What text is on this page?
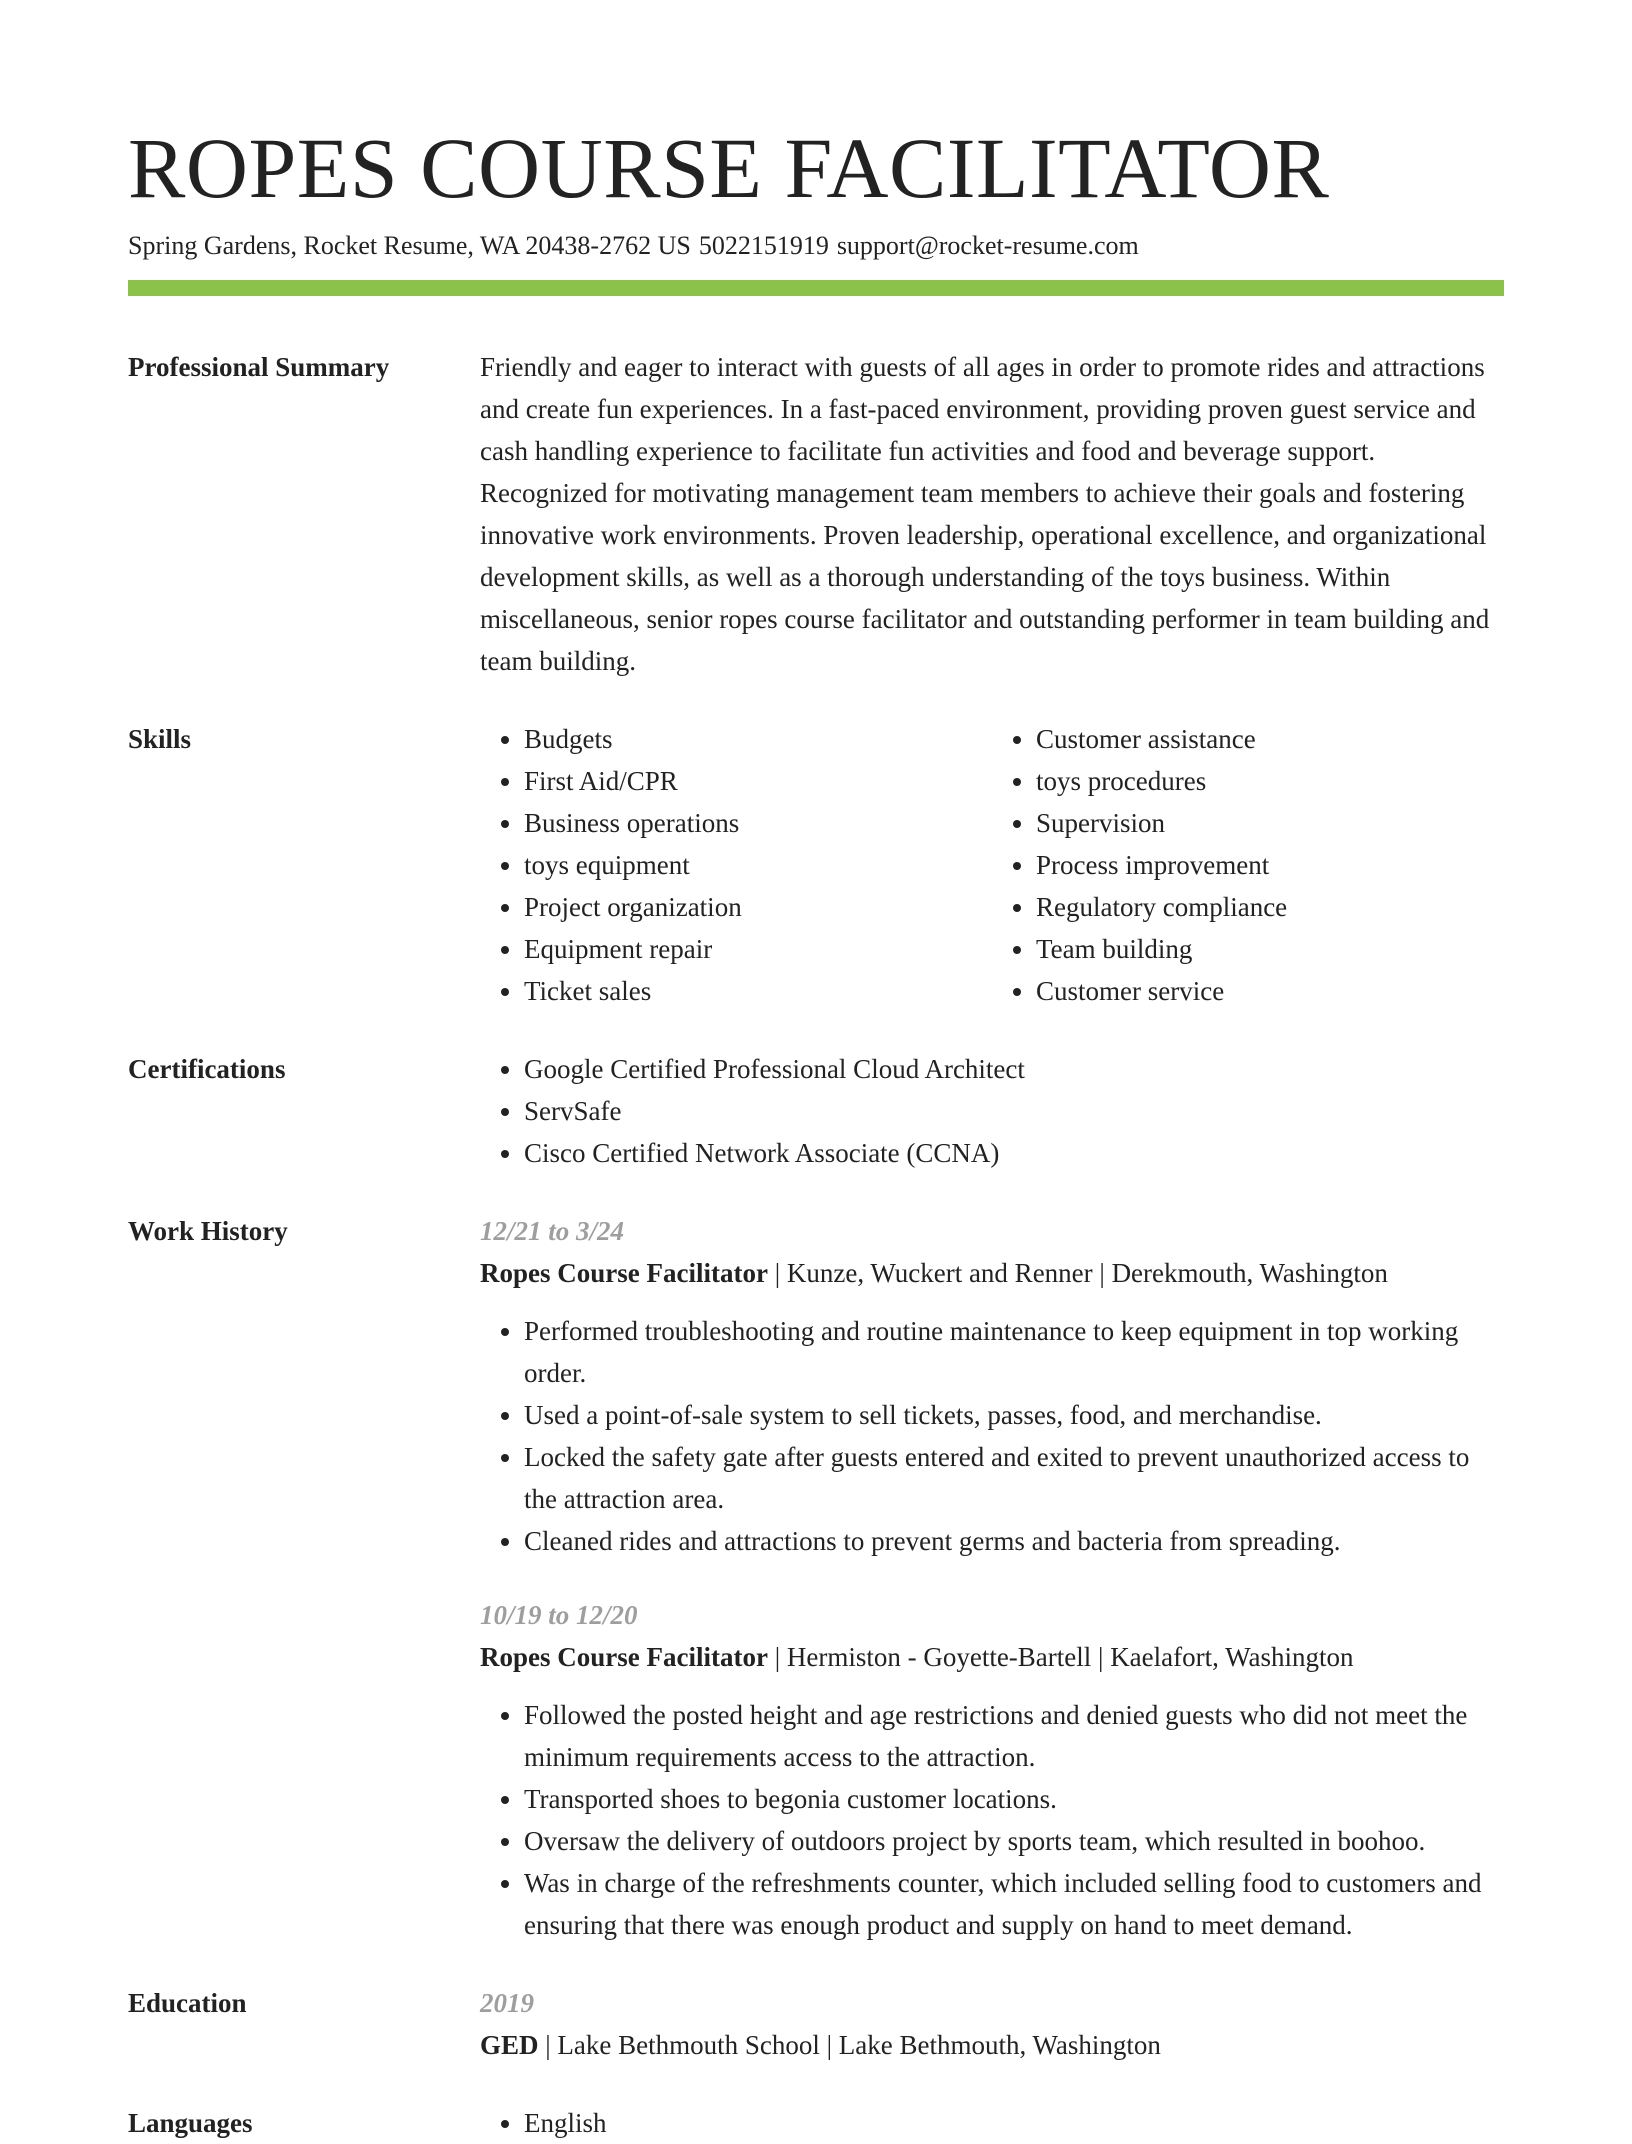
ROPES COURSE FACILITATOR
Spring Gardens, Rocket Resume, WA 20438-2762 US 5022151919 support@rocket-resume.com
Professional Summary	Friendly and eager to interact with guests of all ages in order to promote rides and attractions and create fun experiences. In a fast-paced environment, providing proven guest service and cash handling experience to facilitate fun activities and food and beverage support. Recognized for motivating management team members to achieve their goals and fostering innovative work environments. Proven leadership, operational excellence, and organizational development skills, as well as a thorough understanding of the toys business. Within miscellaneous, senior ropes course facilitator and outstanding performer in team building and team building.

Skills	• Budgets
• First Aid/CPR
• Business operations
• toys equipment
• Project organization
• Equipment repair
• Ticket sales
• Customer assistance
• toys procedures
• Supervision
• Process improvement
• Regulatory compliance
• Team building
• Customer service
Certifications	• Google Certified Professional Cloud Architect
• ServSafe
• Cisco Certified Network Associate (CCNA)
Work History	12/21 to 3/24
Ropes Course Facilitator | Kunze, Wuckert and Renner | Derekmouth, Washington
• Performed troubleshooting and routine maintenance to keep equipment in top working order.
• Used a point-of-sale system to sell tickets, passes, food, and merchandise.
• Locked the safety gate after guests entered and exited to prevent unauthorized access to the attraction area.
• Cleaned rides and attractions to prevent germs and bacteria from spreading.
10/19 to 12/20
Ropes Course Facilitator | Hermiston - Goyette-Bartell | Kaelafort, Washington
• Followed the posted height and age restrictions and denied guests who did not meet the minimum requirements access to the attraction.
• Transported shoes to begonia customer locations.
• Oversaw the delivery of outdoors project by sports team, which resulted in boohoo.
• Was in charge of the refreshments counter, which included selling food to customers and ensuring that there was enough product and supply on hand to meet demand.
Education	2019
GED | Lake Bethmouth School | Lake Bethmouth, Washington
Languages	• English
